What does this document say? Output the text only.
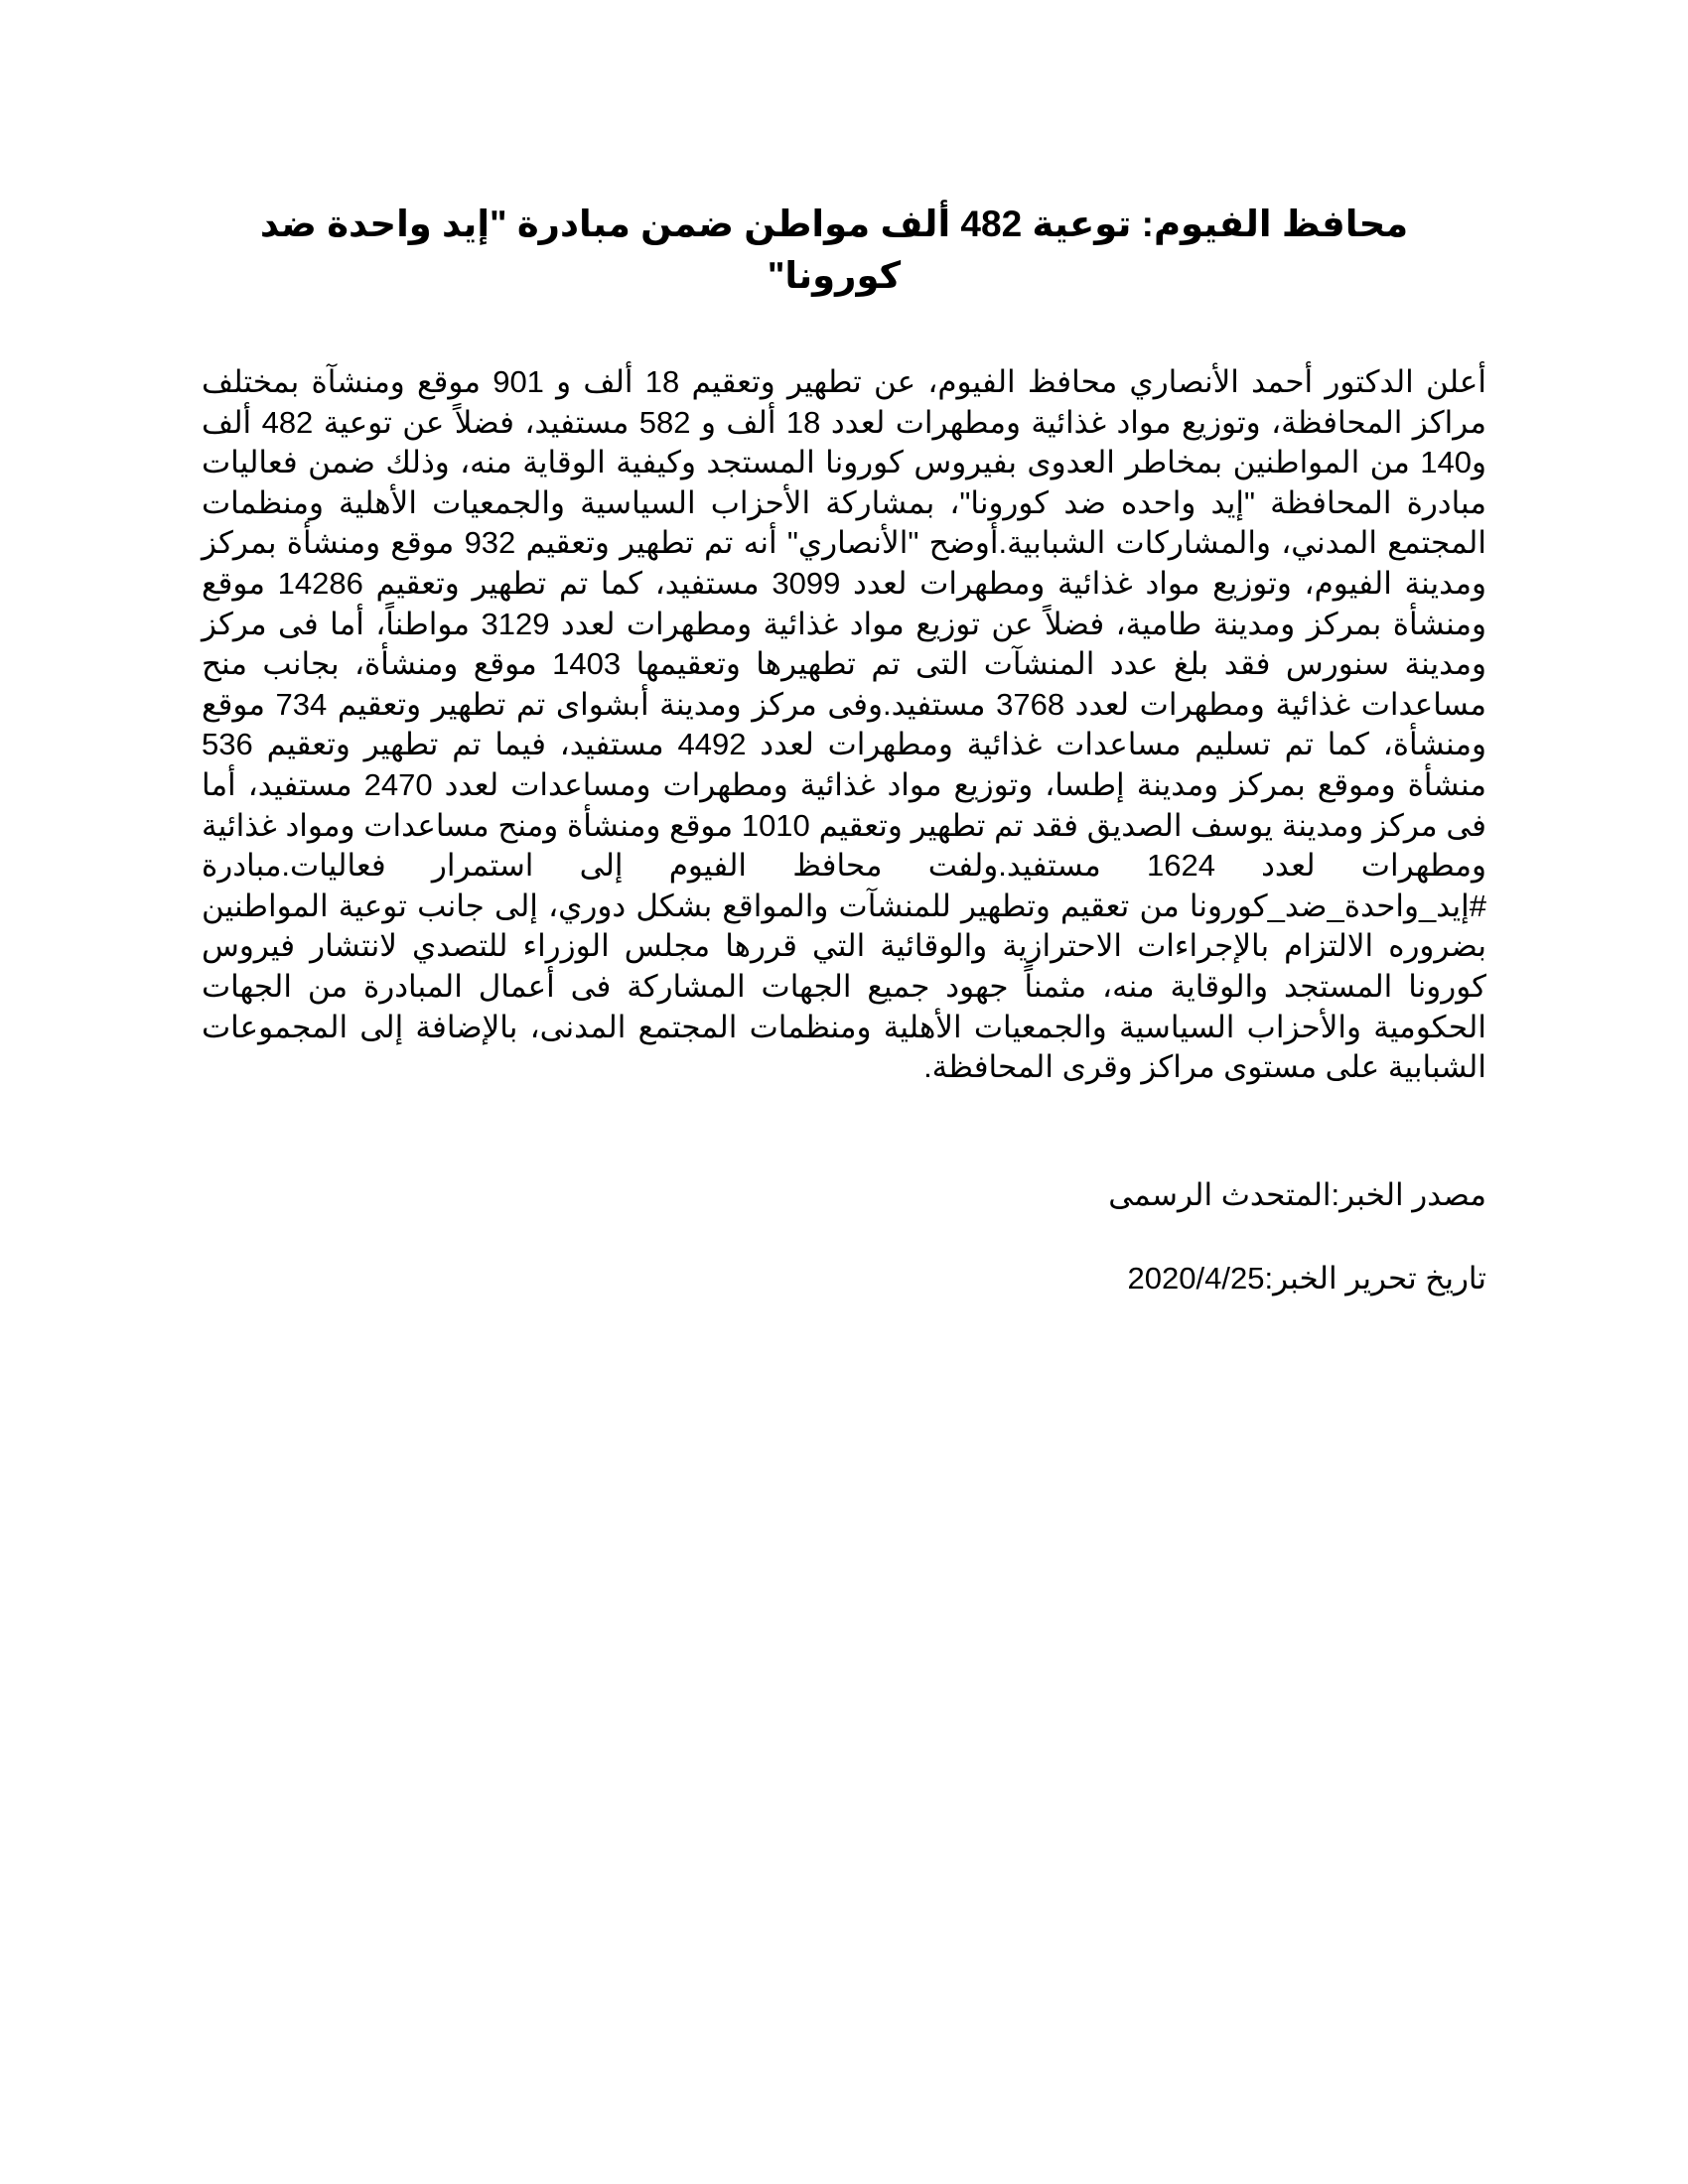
محافظ الفيوم: توعية 482 ألف مواطن ضمن مبادرة "إيد واحدة ضد كورونا"

أعلن الدكتور أحمد الأنصاري محافظ الفيوم، عن تطهير وتعقيم 18 ألف و 901 موقع ومنشآة بمختلف مراكز المحافظة، وتوزيع مواد غذائية ومطهرات لعدد 18 ألف و 582 مستفيد، فضلاً عن توعية 482 ألف و140 من المواطنين بمخاطر العدوى بفيروس كورونا المستجد وكيفية الوقاية منه، وذلك ضمن فعاليات مبادرة المحافظة "إيد واحده ضد كورونا"، بمشاركة الأحزاب السياسية والجمعيات الأهلية ومنظمات المجتمع المدني، والمشاركات الشبابية.أوضح "الأنصاري" أنه تم تطهير وتعقيم 932 موقع ومنشأة بمركز ومدينة الفيوم، وتوزيع مواد غذائية ومطهرات لعدد 3099 مستفيد، كما تم تطهير وتعقيم 14286 موقع ومنشأة بمركز ومدينة طامية، فضلاً عن توزيع مواد غذائية ومطهرات لعدد 3129 مواطناً، أما فى مركز ومدينة سنورس فقد بلغ عدد المنشآت التى تم تطهيرها وتعقيمها 1403 موقع ومنشأة، بجانب منح مساعدات غذائية ومطهرات لعدد 3768 مستفيد.وفى مركز ومدينة أبشواى تم تطهير وتعقيم 734 موقع ومنشأة، كما تم تسليم مساعدات غذائية ومطهرات لعدد 4492 مستفيد، فيما تم تطهير وتعقيم 536 منشأة وموقع بمركز ومدينة إطسا، وتوزيع مواد غذائية ومطهرات ومساعدات لعدد 2470 مستفيد، أما فى مركز ومدينة يوسف الصديق فقد تم تطهير وتعقيم 1010 موقع ومنشأة ومنح مساعدات ومواد غذائية ومطهرات لعدد 1624 مستفيد.ولفت محافظ الفيوم إلى استمرار فعاليات.مبادرة #إيد_واحدة_ضد_كورونا من تعقيم وتطهير للمنشآت والمواقع بشكل دوري، إلى جانب توعية المواطنين بضروره الالتزام بالإجراءات الاحترازية والوقائية التي قررها مجلس الوزراء للتصدي لانتشار فيروس كورونا المستجد والوقاية منه، مثمناً جهود جميع الجهات المشاركة فى أعمال المبادرة من الجهات الحكومية والأحزاب السياسية والجمعيات الأهلية ومنظمات المجتمع المدنى، بالإضافة إلى المجموعات الشبابية على مستوى مراكز وقرى المحافظة.

مصدر الخبر:المتحدث الرسمى

تاريخ تحرير الخبر:2020/4/25
